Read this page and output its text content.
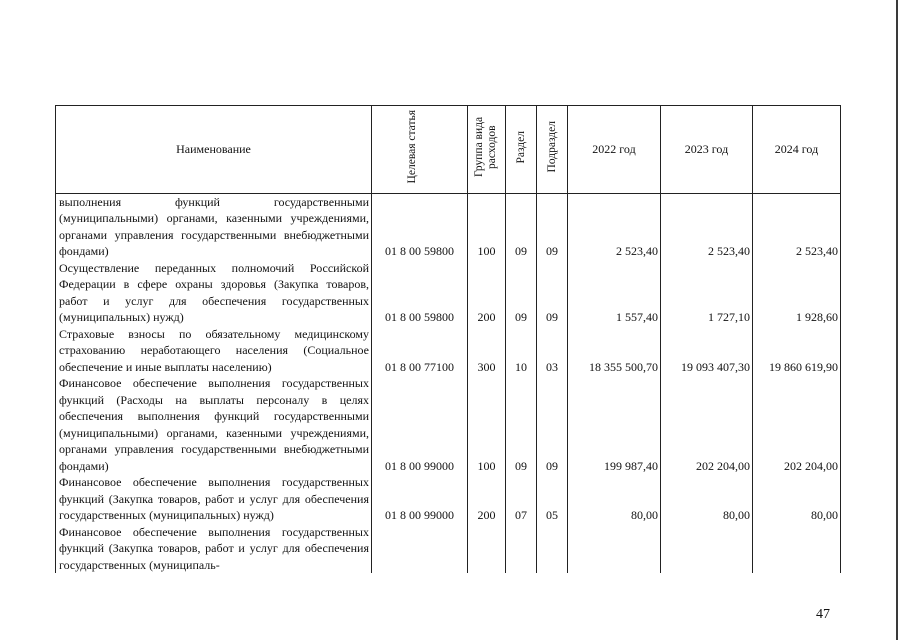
Наименование	Целевая статья	Группа вида расходов	Раздел	Подраздел	2022 год	2023 год	2024 год
выполнения функций государственными (муниципальными) органами, казенными учреждениями, органами управления государственными внебюджетными фондами)	01 8 00 59800	100	09	09	2 523,40	2 523,40	2 523,40
Осуществление переданных полномочий Российской Федерации в сфере охраны здоровья (Закупка товаров, работ и услуг для обеспечения государственных (муниципальных) нужд)	01 8 00 59800	200	09	09	1 557,40	1 727,10	1 928,60
Страховые взносы по обязательному медицинскому страхованию неработающего населения (Социальное обеспечение и иные выплаты населению)	01 8 00 77100	300	10	03	18 355 500,70	19 093 407,30	19 860 619,90
Финансовое обеспечение выполнения государственных функций (Расходы на выплаты персоналу в целях обеспечения выполнения функций государственными (муниципальными) органами, казенными учреждениями, органами управления государственными внебюджетными фондами)	01 8 00 99000	100	09	09	199 987,40	202 204,00	202 204,00
Финансовое обеспечение выполнения государственных функций (Закупка товаров, работ и услуг для обеспечения государственных (муниципальных) нужд)	01 8 00 99000	200	07	05	80,00	80,00	80,00
Финансовое обеспечение выполнения государственных функций (Закупка товаров, работ и услуг для обеспечения государственных (муниципаль-							
47
